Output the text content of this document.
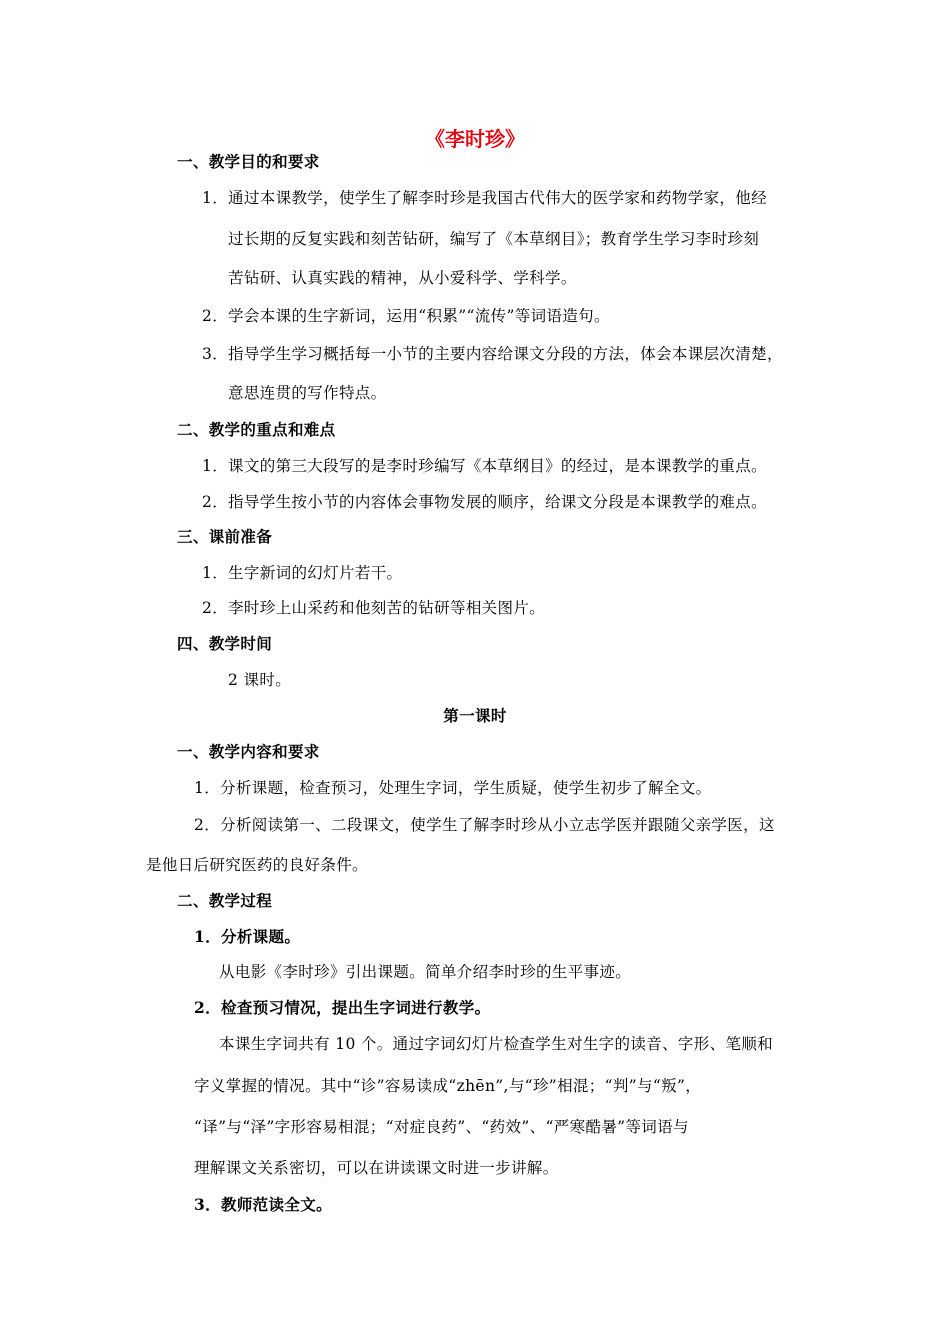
《李时珍》
一、教学目的和要求
1．通过本课教学，使学生了解李时珍是我国古代伟大的医学家和药物学家，他经
过长期的反复实践和刻苦钻研，编写了《本草纲目》；教育学生学习李时珍刻
苦钻研、认真实践的精神，从小爱科学、学科学。
2．学会本课的生字新词，运用“积累”“流传”等词语造句。
3．指导学生学习概括每一小节的主要内容给课文分段的方法，体会本课层次清楚，
意思连贯的写作特点。
二、教学的重点和难点
1．课文的第三大段写的是李时珍编写《本草纲目》的经过，是本课教学的重点。
2．指导学生按小节的内容体会事物发展的顺序，给课文分段是本课教学的难点。
三、课前准备
1．生字新词的幻灯片若干。
2．李时珍上山采药和他刻苦的钻研等相关图片。
四、教学时间
2 课时。
第一课时
一、教学内容和要求
1．分析课题，检查预习，处理生字词，学生质疑，使学生初步了解全文。
2．分析阅读第一、二段课文，使学生了解李时珍从小立志学医并跟随父亲学医，这
是他日后研究医药的良好条件。
二、教学过程
1．分析课题。
从电影《李时珍》引出课题。简单介绍李时珍的生平事迹。
2．检查预习情况，提出生字词进行教学。
本课生字词共有 10 个。通过字词幻灯片检查学生对生字的读音、字形、笔顺和
字义掌握的情况。其中“诊”容易读成“zhēn”,与“珍”相混；“判”与“叛”，
“译”与“泽”字形容易相混；“对症良药”、“药效”、“严寒酷暑”等词语与
理解课文关系密切，可以在讲读课文时进一步讲解。
3．教师范读全文。
